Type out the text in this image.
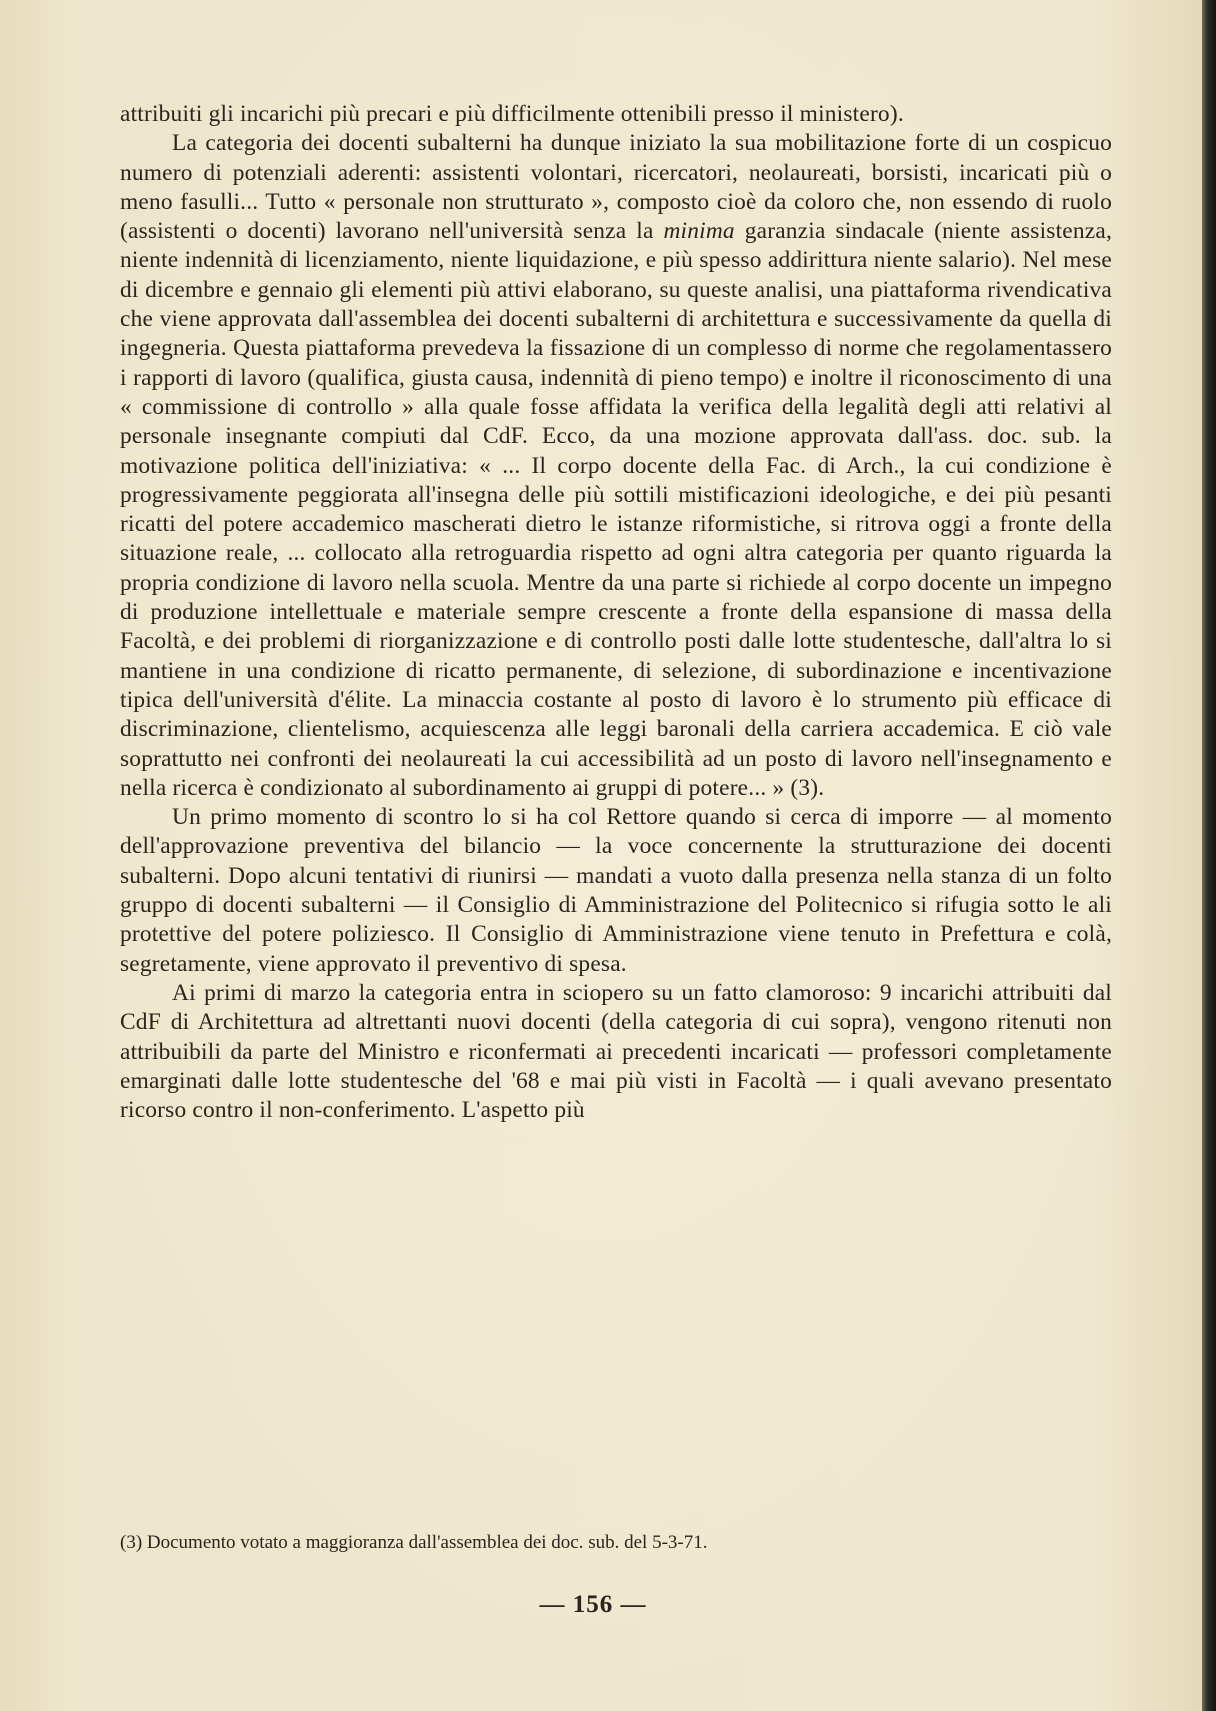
attribuiti gli incarichi più precari e più difficilmente ottenibili presso il ministero).

La categoria dei docenti subalterni ha dunque iniziato la sua mobilitazione forte di un cospicuo numero di potenziali aderenti: assistenti volontari, ricercatori, neolaureati, borsisti, incaricati più o meno fasulli... Tutto « personale non strutturato », composto cioè da coloro che, non essendo di ruolo (assistenti o docenti) lavorano nell'università senza la minima garanzia sindacale (niente assistenza, niente indennità di licenziamento, niente liquidazione, e più spesso addirittura niente salario). Nel mese di dicembre e gennaio gli elementi più attivi elaborano, su queste analisi, una piattaforma rivendicativa che viene approvata dall'assemblea dei docenti subalterni di architettura e successivamente da quella di ingegneria. Questa piattaforma prevedeva la fissazione di un complesso di norme che regolamentassero i rapporti di lavoro (qualifica, giusta causa, indennità di pieno tempo) e inoltre il riconoscimento di una « commissione di controllo » alla quale fosse affidata la verifica della legalità degli atti relativi al personale insegnante compiuti dal CdF. Ecco, da una mozione approvata dall'ass. doc. sub. la motivazione politica dell'iniziativa: « ... Il corpo docente della Fac. di Arch., la cui condizione è progressivamente peggiorata all'insegna delle più sottili mistificazioni ideologiche, e dei più pesanti ricatti del potere accademico mascherati dietro le istanze riformistiche, si ritrova oggi a fronte della situazione reale, ... collocato alla retroguardia rispetto ad ogni altra categoria per quanto riguarda la propria condizione di lavoro nella scuola. Mentre da una parte si richiede al corpo docente un impegno di produzione intellettuale e materiale sempre crescente a fronte della espansione di massa della Facoltà, e dei problemi di riorganizzazione e di controllo posti dalle lotte studentesche, dall'altra lo si mantiene in una condizione di ricatto permanente, di selezione, di subordinazione e incentivazione tipica dell'università d'élite. La minaccia costante al posto di lavoro è lo strumento più efficace di discriminazione, clientelismo, acquiescenza alle leggi baronali della carriera accademica. E ciò vale soprattutto nei confronti dei neolaureati la cui accessibilità ad un posto di lavoro nell'insegnamento e nella ricerca è condizionato al subordinamento ai gruppi di potere... » (3).

Un primo momento di scontro lo si ha col Rettore quando si cerca di imporre — al momento dell'approvazione preventiva del bilancio — la voce concernente la strutturazione dei docenti subalterni. Dopo alcuni tentativi di riunirsi — mandati a vuoto dalla presenza nella stanza di un folto gruppo di docenti subalterni — il Consiglio di Amministrazione del Politecnico si rifugia sotto le ali protettive del potere poliziesco. Il Consiglio di Amministrazione viene tenuto in Prefettura e colà, segretamente, viene approvato il preventivo di spesa.

Ai primi di marzo la categoria entra in sciopero su un fatto clamoroso: 9 incarichi attribuiti dal CdF di Architettura ad altrettanti nuovi docenti (della categoria di cui sopra), vengono ritenuti non attribuibili da parte del Ministro e riconfermati ai precedenti incaricati — professori completamente emarginati dalle lotte studentesche del '68 e mai più visti in Facoltà — i quali avevano presentato ricorso contro il non-conferimento. L'aspetto più

(3) Documento votato a maggioranza dall'assemblea dei doc. sub. del 5-3-71.
— 156 —
